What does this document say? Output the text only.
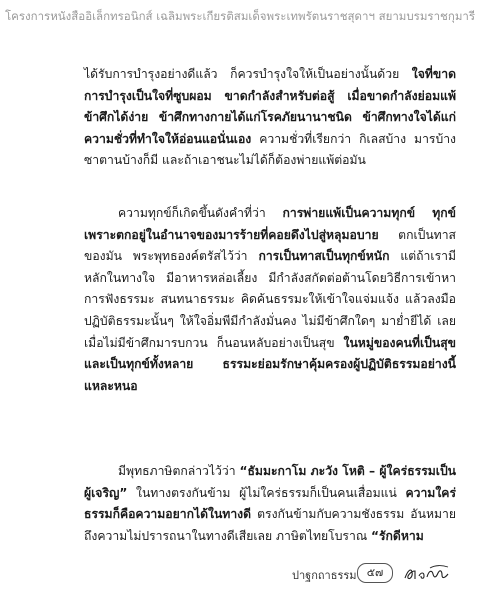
โครงการหนังสืออิเล็กทรอนิกส์ เฉลิมพระเกียรติสมเด็จพระเทพรัตนราชสุดาฯ สยามบรมราชกุมารี
ได้รับการบำรุงอย่างดีแล้ว ก็ควรบำรุงใจให้เป็นอย่างนั้นด้วย ใจที่ขาดการบำรุงเป็นใจที่ซูบผอม ขาดกำลังสำหรับต่อสู้ เมื่อขาดกำลังย่อมแพ้ ข้าศึกได้ง่าย ข้าศึกทางกายได้แก่โรคภัยนานาชนิด ข้าศึกทางใจได้แก่ ความชั่วที่ทำใจให้อ่อนแอนั่นเอง ความชั่วที่เรียกว่า กิเลสบ้าง มารบ้าง ซาตานบ้างก็มี และถ้าเอาชนะไม่ได้ก็ต้องพ่ายแพ้ต่อมัน
ความทุกข์ก็เกิดขึ้นดังคำที่ว่า การพ่ายแพ้เป็นความทุกข์ ทุกข์เพราะตกอยู่ในอำนาจของมารร้ายที่คอยดึงไปสู่หลุมอบาย ตกเป็นทาสของมัน พระพุทธองค์ตรัสไว้ว่า การเป็นทาสเป็นทุกข์หนัก แต่ถ้าเรามีหลักในทางใจ มีอาหารหล่อเลี้ยง มีกำลังสกัดต่อต้านโดยวิธีการเข้าหาการฟังธรรมะ สนทนาธรรมะ คิดค้นธรรมะให้เข้าใจแจ่มแจ้ง แล้วลงมือปฏิบัติธรรมะนั้นๆ ให้ใจอิ่มพีมีกำลังมั่นคง ไม่มีข้าศึกใดๆ มาย่ำยีได้ เลย เมื่อไม่มีข้าศึกมารบกวน ก็นอนหลับอย่างเป็นสุข ในหมู่ของคนที่เป็นสุขและเป็นทุกข์ทั้งหลาย ธรรมะย่อมรักษาคุ้มครองผู้ปฏิบัติธรรมอย่างนี้แหละหนอ
มีพุทธภาษิตกล่าวไว้ว่า “ธัมมะกาโม ภะวัง โหติ – ผู้ใคร่ธรรมเป็นผู้เจริญ” ในทางตรงกันข้าม ผู้ไม่ใคร่ธรรมก็เป็นคนเสื่อมแน่ ความใคร่ธรรมก็คือความอยากได้ในทางดี ตรงกันข้ามกับความชังธรรม อันหมายถึงความไม่ปรารถนาในทางดีเสียเลย ภาษิตไทยโบราณ “รักดีหาม
ปาฐกถาธรรม ๕๗
